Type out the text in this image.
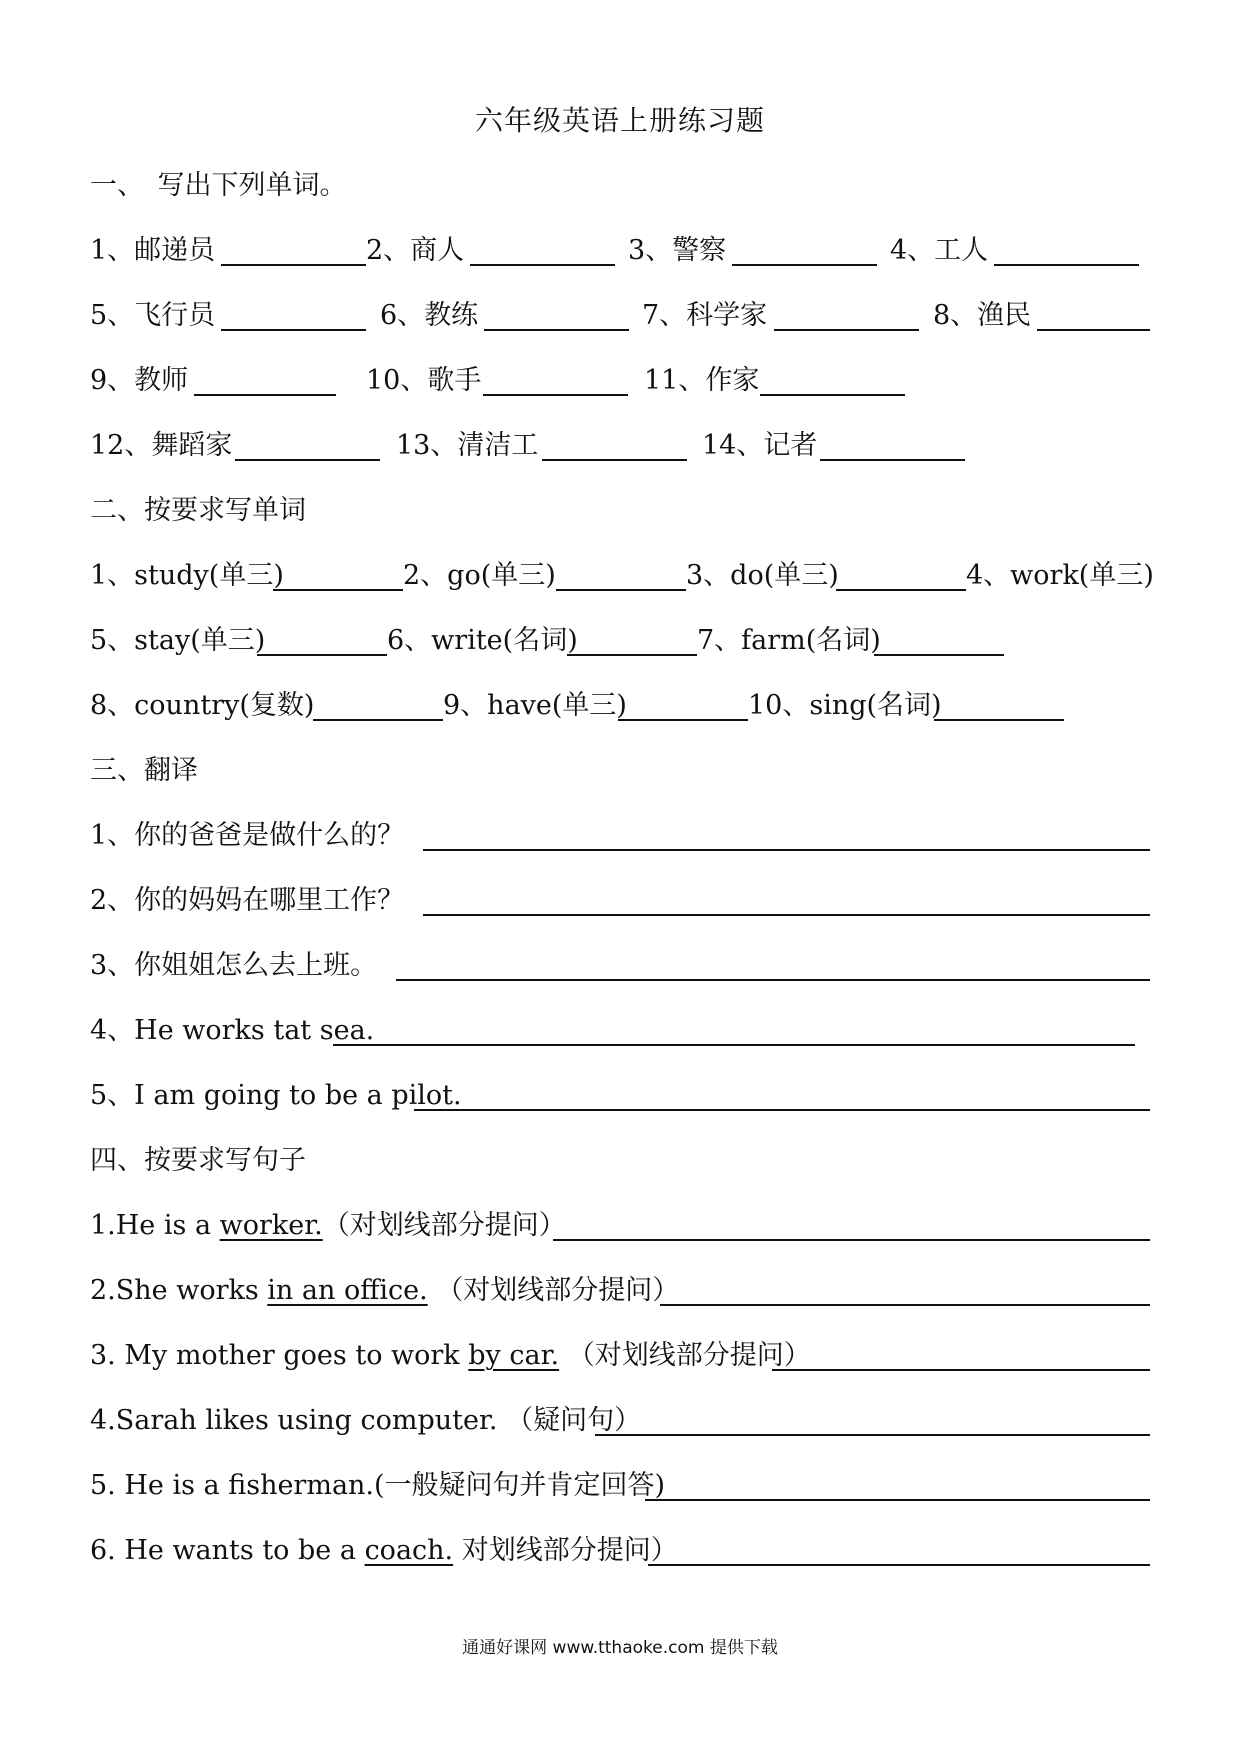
六年级英语上册练习题
一、　写出下列单词。
1、邮递员	2、商人	3、警察	4、工人
5、飞行员	6、教练	7、科学家	8、渔民
9、教师	10、歌手	11、作家
12、舞蹈家	13、清洁工	14、记者
二、按要求写单词
1、study(单三)	2、go(单三)	3、do(单三)	4、work(单三)
5、stay(单三)	6、write(名词)	7、farm(名词)
8、country(复数)	9、have(单三)	10、sing(名词)
三、翻译
1、你的爸爸是做什么的？
2、你的妈妈在哪里工作？
3、你姐姐怎么去上班。
4、He works tat sea.
5、I am going to be a pilot.
四、按要求写句子
1.He is a worker.（对划线部分提问）
2.She works in an office. （对划线部分提问）
3. My mother goes to work by car. （对划线部分提问）
4.Sarah likes using computer. （疑问句）
5. He is a fisherman.(一般疑问句并肯定回答)
6. He wants to be a coach. 对划线部分提问）
通通好课网 www.tthaoke.com 提供下载
